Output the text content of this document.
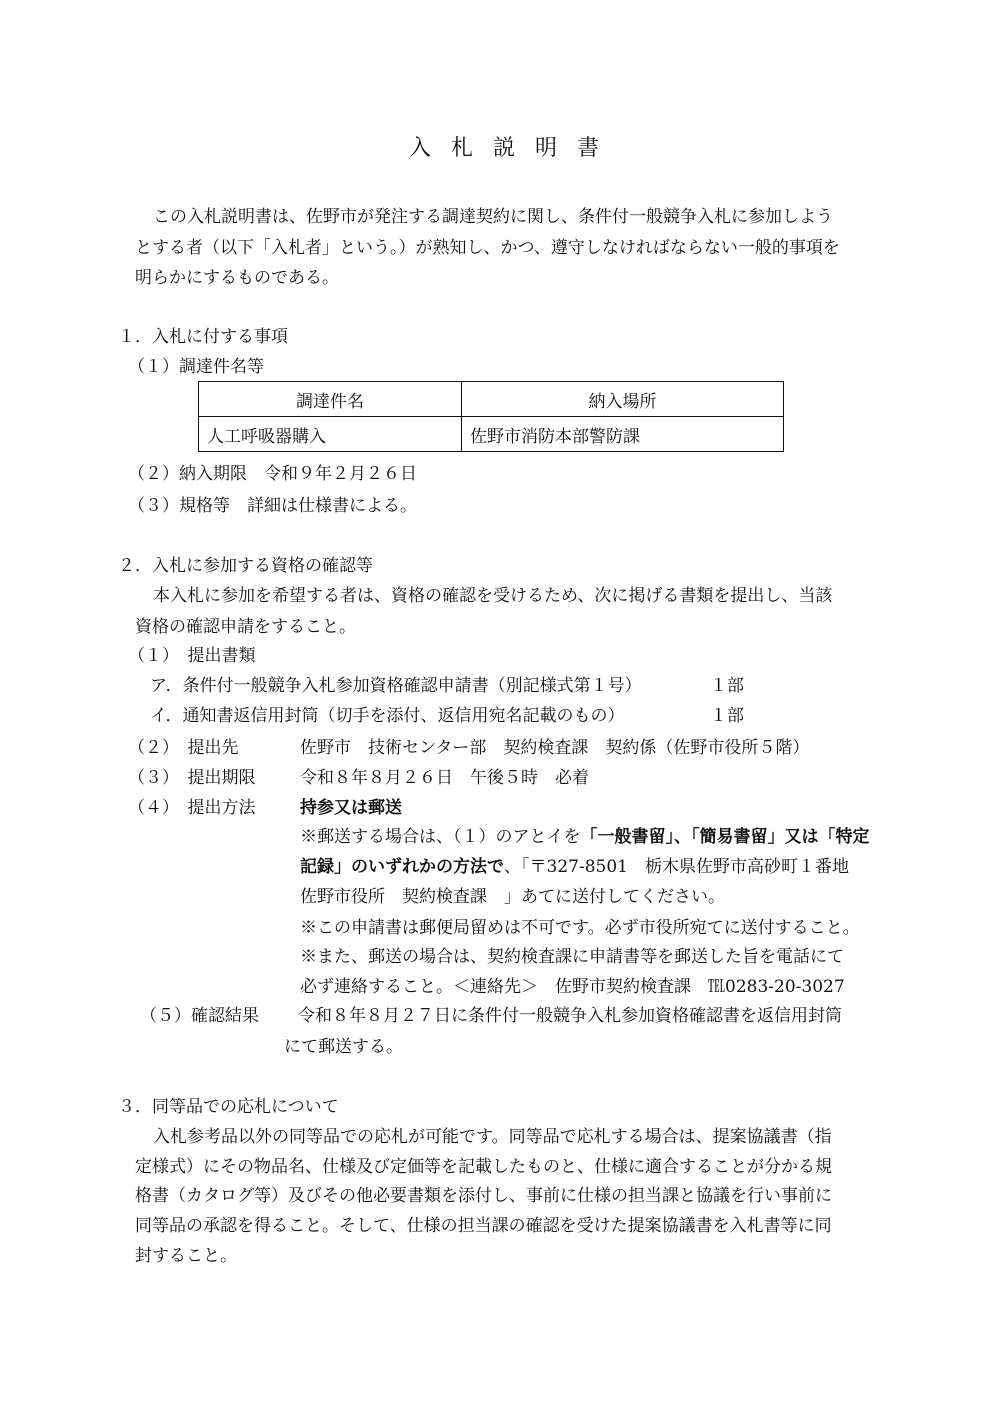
入札説明書
この入札説明書は、佐野市が発注する調達契約に関し、条件付一般競争入札に参加しよう
とする者（以下「入札者」という。）が熟知し、かつ、遵守しなければならない一般的事項を
明らかにするものである。
１．入札に付する事項
（１）調達件名等
調達件名	納入場所
人工呼吸器購入	佐野市消防本部警防課
（２）納入期限　令和９年２月２６日
（３）規格等　詳細は仕様書による。
２．入札に参加する資格の確認等
本入札に参加を希望する者は、資格の確認を受けるため、次に掲げる書類を提出し、当該
資格の確認申請をすること。
（１）　提出書類
ア．条件付一般競争入札参加資格確認申請書（別記様式第１号）	１部
イ．通知書返信用封筒（切手を添付、返信用宛名記載のもの）	１部
（２）　提出先	佐野市　技術センター部　契約検査課　契約係（佐野市役所５階）
（３）　提出期限	令和８年８月２６日　午後５時　必着
（４）　提出方法	持参又は郵送
※郵送する場合は、（１）のアとイを「一般書留」、「簡易書留」又は「特定
記録」のいずれかの方法で、「〒327-8501　栃木県佐野市高砂町１番地
佐野市役所　契約検査課　」あてに送付してください。
※この申請書は郵便局留めは不可です。必ず市役所宛てに送付すること。
※また、郵送の場合は、契約検査課に申請書等を郵送した旨を電話にて
必ず連絡すること。＜連絡先＞　佐野市契約検査課　℡0283-20-3027
（５）確認結果 令和８年８月２７日に条件付一般競争入札参加資格確認書を返信用封筒
にて郵送する。
３．同等品での応札について
入札参考品以外の同等品での応札が可能です。同等品で応札する場合は、提案協議書（指
定様式）にその物品名、仕様及び定価等を記載したものと、仕様に適合することが分かる規
格書（カタログ等）及びその他必要書類を添付し、事前に仕様の担当課と協議を行い事前に
同等品の承認を得ること。そして、仕様の担当課の確認を受けた提案協議書を入札書等に同
封すること。
